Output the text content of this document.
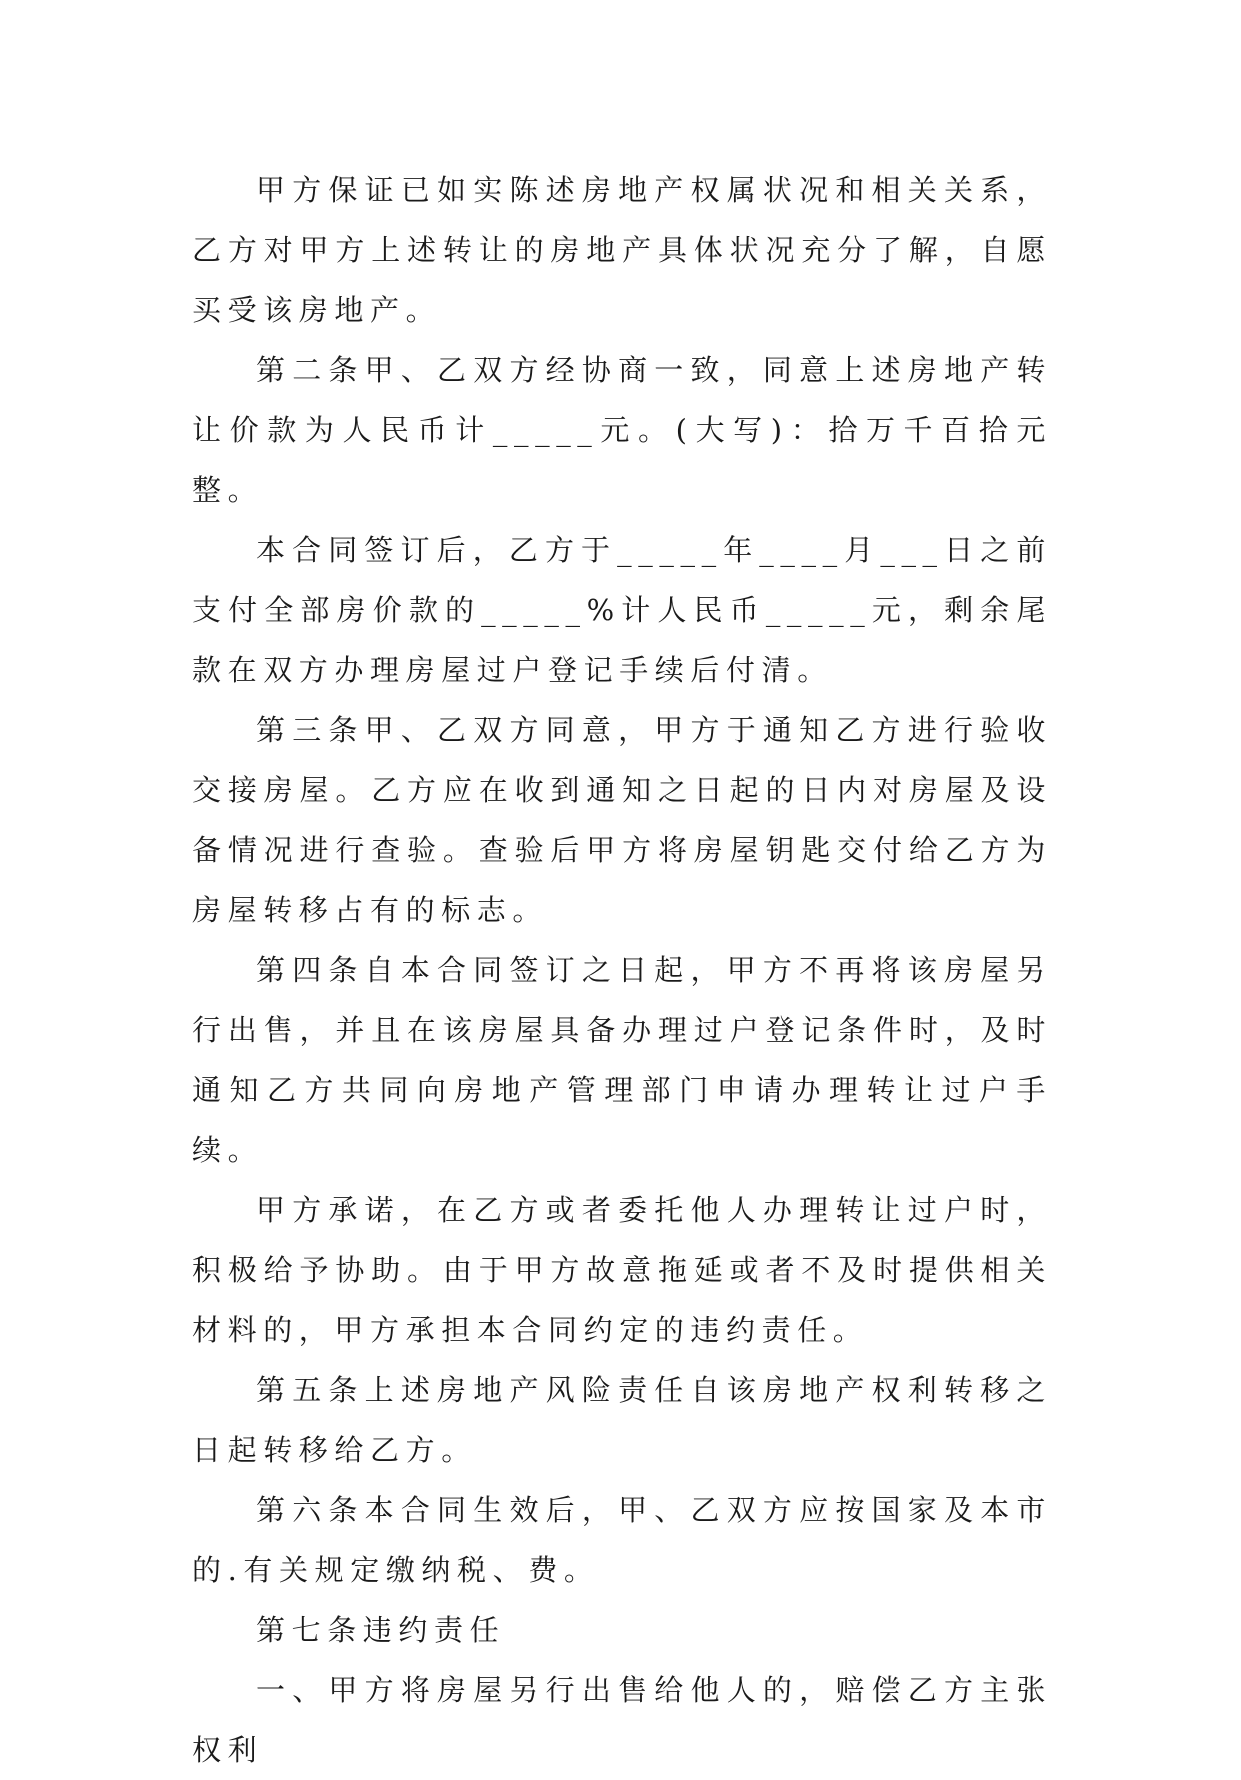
甲方保证已如实陈述房地产权属状况和相关关系，乙方对甲方上述转让的房地产具体状况充分了解，自愿买受该房地产。

第二条甲、乙双方经协商一致，同意上述房地产转让价款为人民币计_____元。(大写)：拾万千百拾元整。

本合同签订后，乙方于_____年____月___日之前支付全部房价款的_____%计人民币_____元，剩余尾款在双方办理房屋过户登记手续后付清。

第三条甲、乙双方同意，甲方于通知乙方进行验收交接房屋。乙方应在收到通知之日起的日内对房屋及设备情况进行查验。查验后甲方将房屋钥匙交付给乙方为房屋转移占有的标志。

第四条自本合同签订之日起，甲方不再将该房屋另行出售，并且在该房屋具备办理过户登记条件时，及时通知乙方共同向房地产管理部门申请办理转让过户手续。

甲方承诺，在乙方或者委托他人办理转让过户时，积极给予协助。由于甲方故意拖延或者不及时提供相关材料的，甲方承担本合同约定的违约责任。

第五条上述房地产风险责任自该房地产权利转移之日起转移给乙方。

第六条本合同生效后，甲、乙双方应按国家及本市的.有关规定缴纳税、费。

第七条违约责任

一、甲方将房屋另行出售给他人的，赔偿乙方主张权利
